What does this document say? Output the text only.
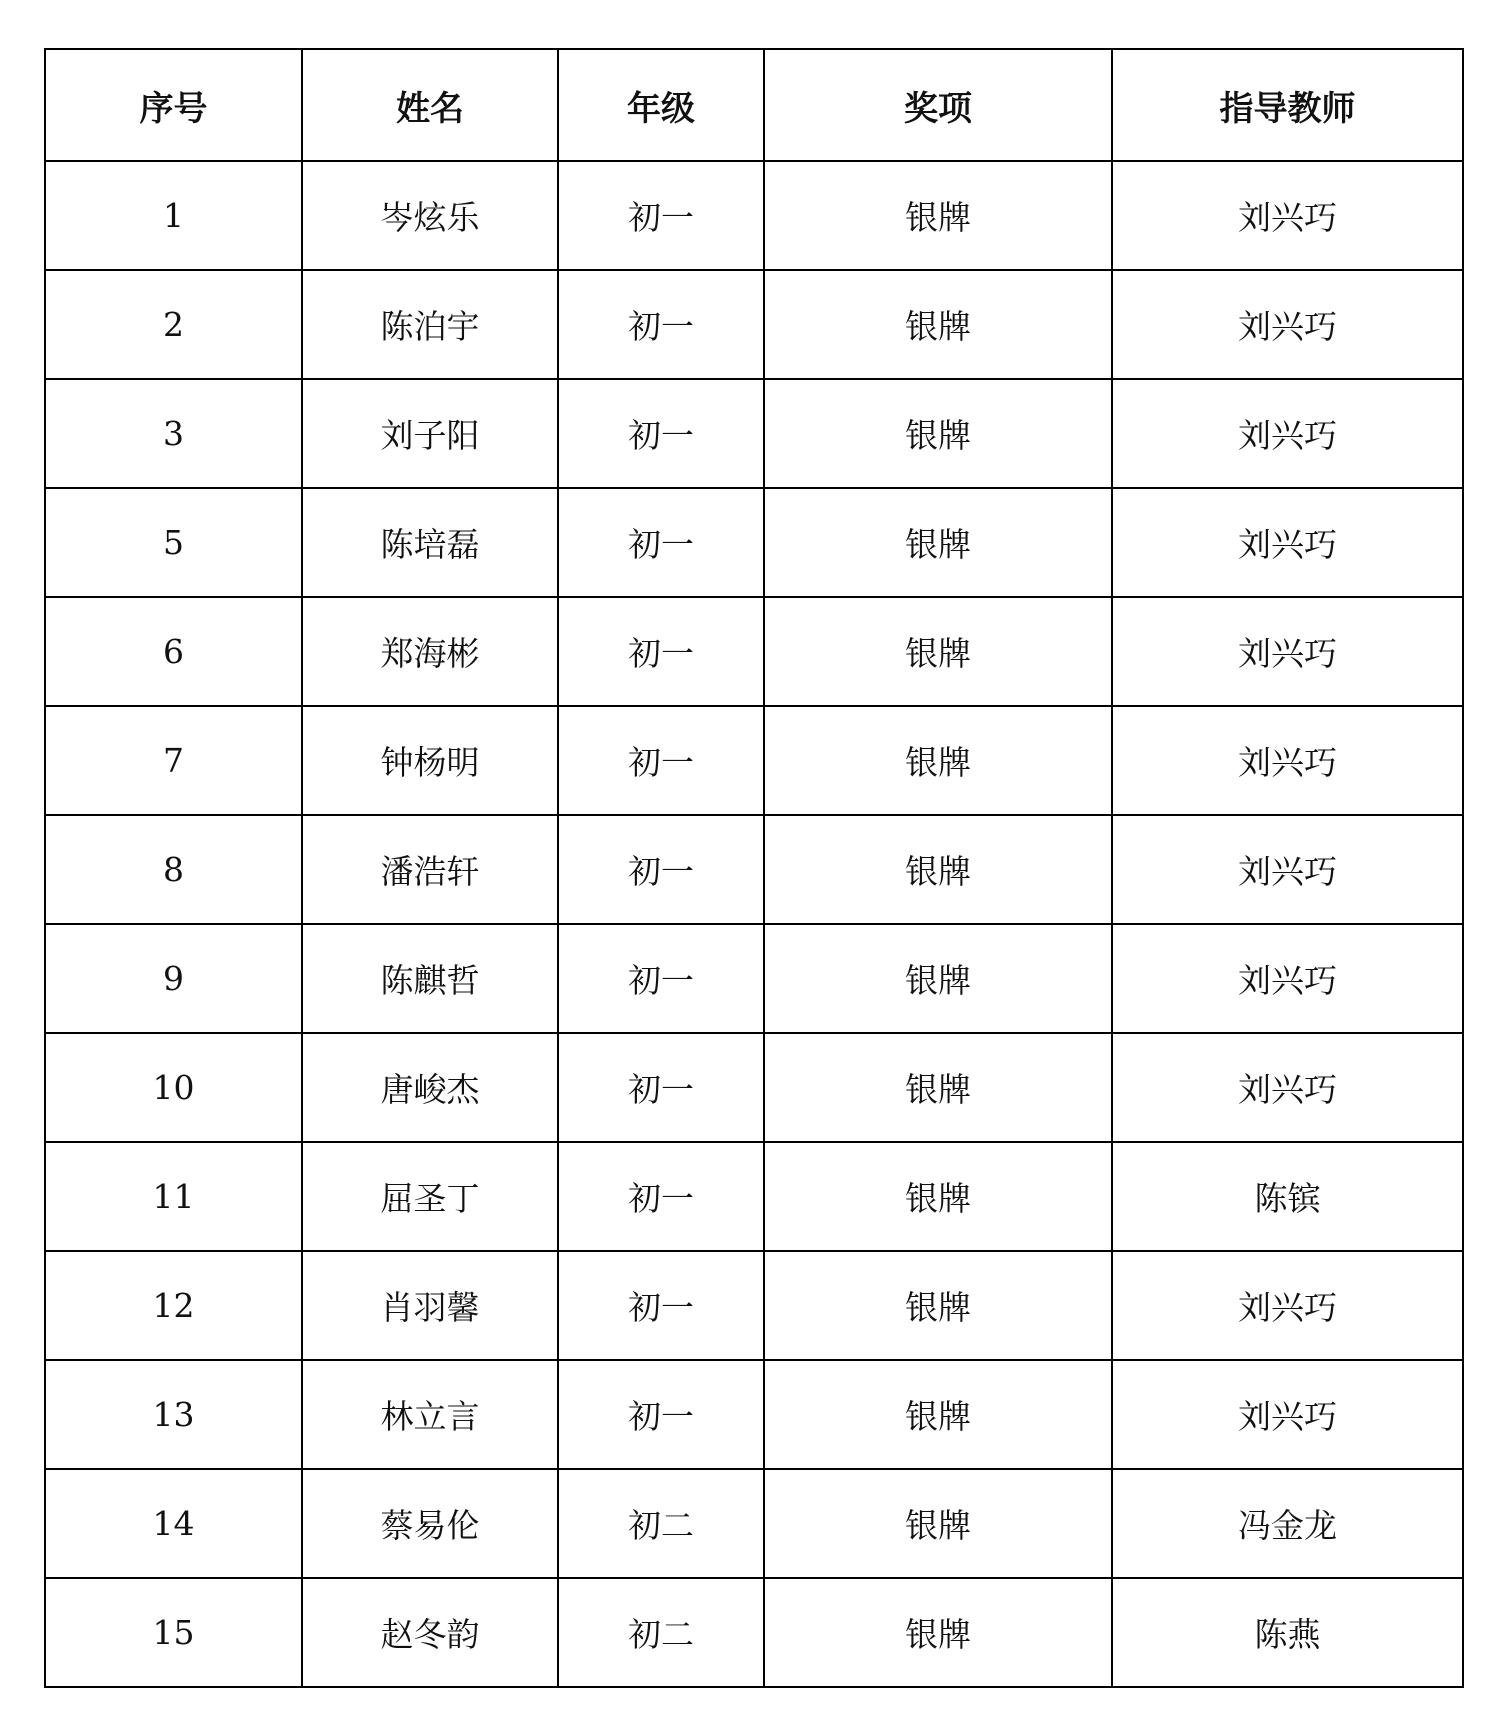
序号	姓名	年级	奖项	指导教师
1	岑炫乐	初一	银牌	刘兴巧
2	陈泊宇	初一	银牌	刘兴巧
3	刘子阳	初一	银牌	刘兴巧
5	陈培磊	初一	银牌	刘兴巧
6	郑海彬	初一	银牌	刘兴巧
7	钟杨明	初一	银牌	刘兴巧
8	潘浩轩	初一	银牌	刘兴巧
9	陈麒哲	初一	银牌	刘兴巧
10	唐峻杰	初一	银牌	刘兴巧
11	屈圣丁	初一	银牌	陈镔
12	肖羽馨	初一	银牌	刘兴巧
13	林立言	初一	银牌	刘兴巧
14	蔡易伦	初二	银牌	冯金龙
15	赵冬韵	初二	银牌	陈燕
